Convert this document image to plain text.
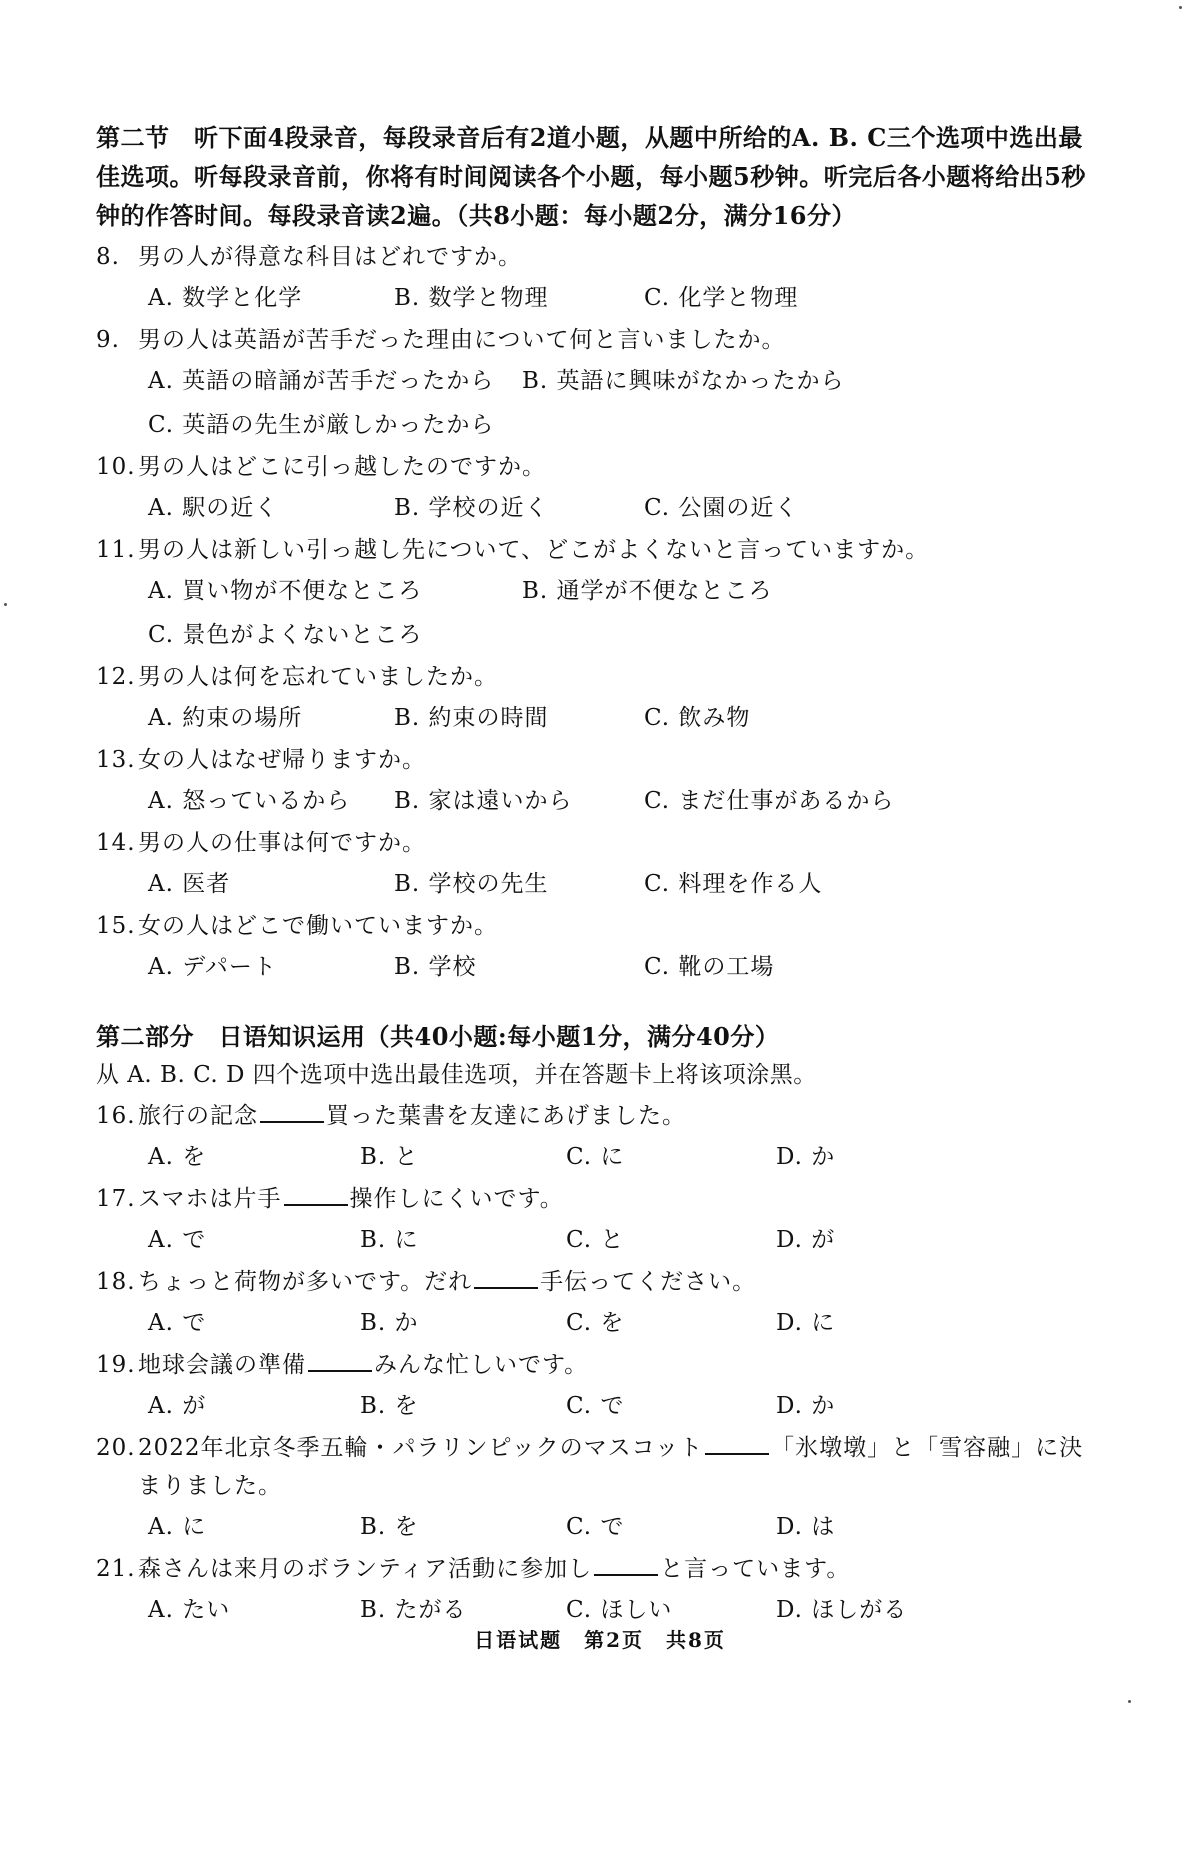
第二节　听下面4段录音，每段录音后有2道小题，从题中所给的A. B. C三个选项中选出最佳选项。听每段录音前，你将有时间阅读各个小题，每小题5秒钟。听完后各小题将给出5秒钟的作答时间。每段录音读2遍。（共8小题：每小题2分，满分16分）
8. 男の人が得意な科目はどれですか。
A. 数学と化学	B. 数学と物理	C. 化学と物理
9. 男の人は英語が苦手だった理由について何と言いましたか。
A. 英語の暗誦が苦手だったから B. 英語に興味がなかったから
C. 英語の先生が厳しかったから
10. 男の人はどこに引っ越したのですか。
A. 駅の近く	B. 学校の近く	C. 公園の近く
11. 男の人は新しい引っ越し先について、どこがよくないと言っていますか。
A. 買い物が不便なところ	B. 通学が不便なところ
C. 景色がよくないところ
12. 男の人は何を忘れていましたか。
A. 約束の場所	B. 約束の時間	C. 飲み物
13. 女の人はなぜ帰りますか。
A. 怒っているから B. 家は遠いから	C. まだ仕事があるから
14. 男の人の仕事は何ですか。
A. 医者	B. 学校の先生	C. 料理を作る人
15. 女の人はどこで働いていますか。
A. デパート	B. 学校	C. 靴の工場
第二部分　日语知识运用（共40小题:每小题1分，满分40分）
从 A. B. C. D 四个选项中选出最佳选项，并在答题卡上将该项涂黑。
16. 旅行の記念	買った葉書を友達にあげました。
A. を	B. と	C. に	D. か
17. スマホは片手	操作しにくいです。
A. で	B. に	C. と	D. が
18. ちょっと荷物が多いです。だれ	手伝ってください。
A. で	B. か	C. を	D. に
19. 地球会議の準備	みんな忙しいです。
A. が	B. を	C. で	D. か
20. 2022年北京冬季五輪・パラリンピックのマスコット	「氷墩墩」と「雪容融」に決まりました。
A. に	B. を	C. で	D. は
21. 森さんは来月のボランティア活動に参加し	と言っています。
A. たい	B. たがる	C. ほしい	D. ほしがる
日语试题　第2页　共8页
